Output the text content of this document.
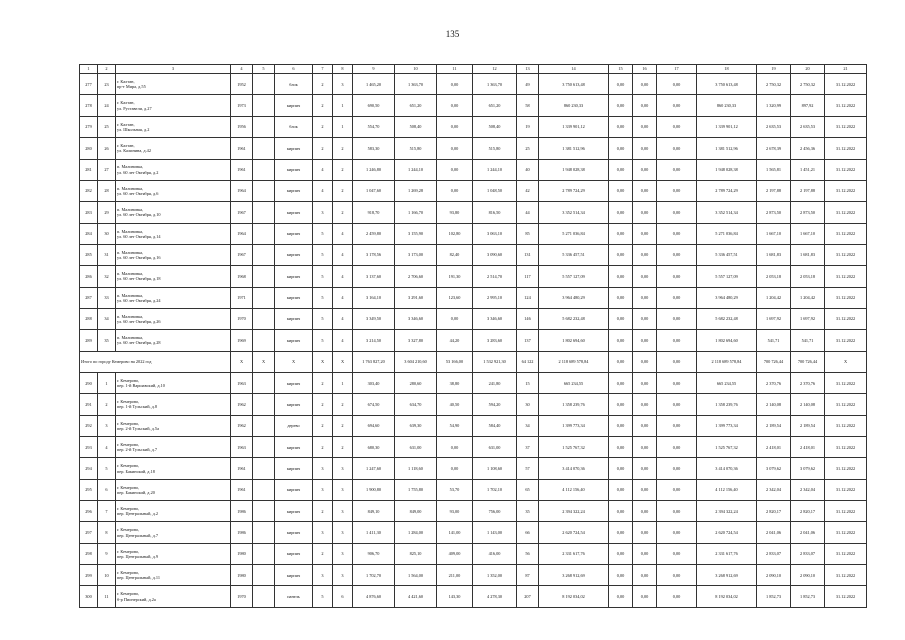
135
1	2	3	4	5	6	7	8	9	10	11	12	13	14	15	16	17	18	19	20	21
277	23	г. Калтан,
пр-т Мира, д.55	1952		блок	2	3	1 465,20	1 363,70	0,00	1 363,70	49	3 750 613,48	0,00	0,00	0,00	3 750 613,48	2 750,32	2 750,32	31.12.2022
278	24	г. Калтан,
ул. Руставели, д.27	1973		кирпич	2	1	690,50	651,20	0,00	651,20	58	860 230,33	0,00	0,00	0,00	860 230,33	1 320,99	897,92	31.12.2022
279	25	г. Калтан,
ул. Школьная, д.2	1956		блок	2	1	554,70	508,40	0,00	508,40	19	1 339 901,12	0,00	0,00	0,00	1 339 901,12	2 635,53	2 635,53	31.12.2022
280	26	г. Калтан,
ул. Калинина, д.42	1961		кирпич	2	2	583,30	515,80	0,00	515,80	25	1 381 512,96	0,00	0,00	0,00	1 381 512,96	2 678,39	2 456,36	31.12.2022
281	27	п. Малиновка,
ул. 60 лет Октября, д.2	1961		кирпич	4	2	1 246,80	1 244,10	0,00	1 244,10	40	1 948 028,38	0,00	0,00	0,00	1 948 028,38	1 565,81	1 451,21	31.12.2022
282	28	п. Малиновка,
ул. 60 лет Октября, д.6	1964		кирпич	4	2	1 047,60	1 269,28	0,00	1 048,50	42	2 789 724,29	0,00	0,00	0,00	2 789 724,29	2 197,88	2 197,88	31.12.2022
283	29	п. Малиновка,
ул. 60 лет Октября, д.10	1967		кирпич	3	2	918,70	1 166,70	93,80	816,50	44	3 352 514,34	0,00	0,00	0,00	3 352 514,34	2 873,50	2 873,50	31.12.2022
284	30	п. Малиновка,
ул. 60 лет Октября, д.14	1964		кирпич	5	4	2 459,80	3 155,90	102,80	3 063,10	85	5 271 036,84	0,00	0,00	0,00	5 271 036,84	1 667,10	1 667,10	31.12.2022
285	31	п. Малиновка,
ул. 60 лет Октября, д.16	1967		кирпич	5	4	3 178,56	3 173,00	82,40	3 090,60	131	5 336 457,51	0,00	0,00	0,00	5 336 457,51	1 681,83	1 681,83	31.12.2022
286	32	п. Малиновка,
ул. 60 лет Октября, д.18	1968		кирпич	5	4	3 137,60	2 706,60	191,30	2 514,70	117	5 557 127,09	0,00	0,00	0,00	5 557 127,09	2 053,18	2 053,18	31.12.2022
287	33	п. Малиновка,
ул. 60 лет Октября, д.24	1971		кирпич	5	4	3 164,10	3 291,60	123,60	2 995,10	124	3 964 480,29	0,00	0,00	0,00	3 964 480,29	1 204,42	1 204,42	31.12.2022
288	34	п. Малиновка,
ул. 60 лет Октября, д.26	1970		кирпич	5	4	3 349,50	3 346,60	0,00	3 346,60	146	5 682 232,48	0,00	0,00	0,00	5 682 232,48	1 697,92	1 697,92	31.12.2022
289	35	п. Малиновка,
ул. 60 лет Октября, д.28	1969		кирпич	5	4	3 214,50	3 327,80	44,20	3 283,60	137	1 802 694,60	0,00	0,00	0,00	1 802 694,60	541,71	541,71	31.12.2022
Итого по городу Кемерово на 2022 год			X	X	X	X	X	1 763 827,20	3 604 210,60	53 166,00	1 532 921,30	64 122	2 118 689 578,84	0,00	0,00	0,00	2 118 689 578,84	700 726,44	700 726,44	X
290	1	г. Кемерово,
пер. 1-й Варшавский, д.10	1963		кирпич	2	1	303,40	280,60	38,80	241,80	15	665 234,55	0,00	0,00	0,00	665 234,55	2 370,76	2 370,76	31.12.2022
291	2	г. Кемерово,
пер. 1-й Тульский, д.8	1962		кирпич	2	2	674,50	634,70	40,50	594,20	30	1 358 239,76	0,00	0,00	0,00	1 358 239,76	2 140,08	2 140,08	31.12.2022
292	3	г. Кемерово,
пер. 2-й Тульский, д.5а	1962		дерево	2	2	694,60	639,30	54,90	584,40	34	1 399 773,34	0,00	0,00	0,00	1 399 773,34	2 189,54	2 189,54	31.12.2022
293	4	г. Кемерово,
пер. 2-й Тульский, д.7	1963		кирпич	2	2	680,30	631,00	0,00	631,00	37	1 525 767,32	0,00	0,00	0,00	1 525 767,32	2 418,01	2 418,01	31.12.2022
294	5	г. Кемерово,
пер. Бакинский, д.18	1961		кирпич	3	3	1 247,60	1 118,60	0,00	1 108,60	57	3 414 070,36	0,00	0,00	0,00	3 414 070,36	3 079,62	3 079,62	31.12.2022
295	6	г. Кемерово,
пер. Бакинский, д.20	1961		кирпич	3	3	1 900,80	1 755,80	53,70	1 702,10	65	4 112 156,40	0,00	0,00	0,00	4 112 156,40	2 342,04	2 342,04	31.12.2022
296	7	г. Кемерово,
пер. Центральный, д.2	1986		кирпич	2	3	849,10	849,00	93,00	756,00	35	2 394 322,24	0,00	0,00	0,00	2 394 322,24	2 820,17	2 820,17	31.12.2022
297	8	г. Кемерово,
пер. Центральный, д.7	1986		кирпич	3	3	1 411,30	1 284,00	141,00	1 143,00	66	2 620 724,54	0,00	0,00	0,00	2 620 724,54	2 041,06	2 041,06	31.12.2022
298	9	г. Кемерово,
пер. Центральный, д.9	1980		кирпич	2	3	906,70	825,10	409,00	416,00	56	2 331 617,76	0,00	0,00	0,00	2 331 617,76	2 833,07	2 833,07	31.12.2022
299	10	г. Кемерово,
пер. Центральный, д.11	1980		кирпич	3	3	1 702,70	1 564,00	211,00	1 352,00	87	3 268 912,69	0,00	0,00	0,00	3 268 912,69	2 090,10	2 090,10	31.12.2022
300	11	г. Кемерово,
б-р Пионерский, д.2а	1970		панель	5	6	4 876,60	4 421,60	143,30	4 278,30	207	8 192 034,02	0,00	0,00	0,00	8 192 034,02	1 852,73	1 852,73	31.12.2022
